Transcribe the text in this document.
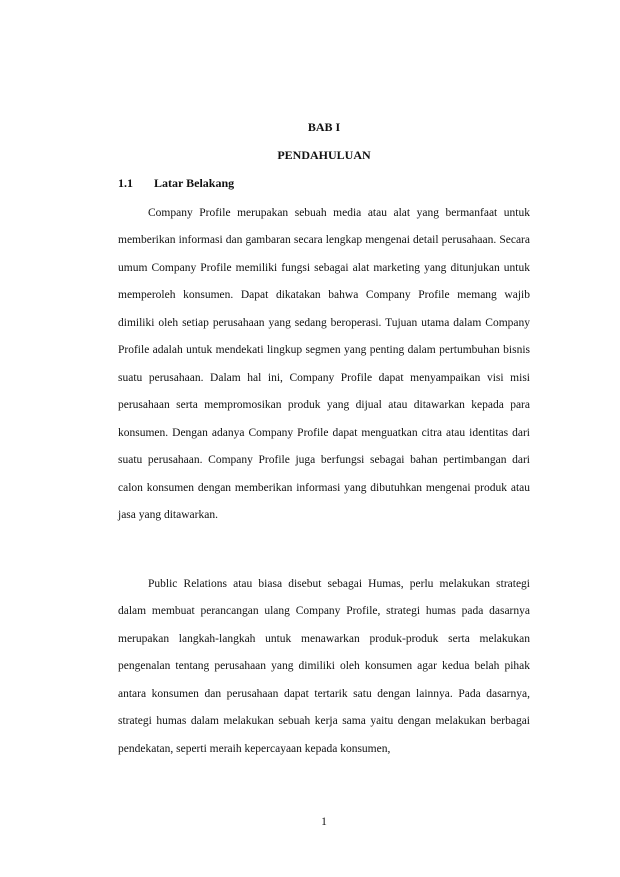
BAB I
PENDAHULUAN
1.1 Latar Belakang

Company Profile merupakan sebuah media atau alat yang bermanfaat untuk memberikan informasi dan gambaran secara lengkap mengenai detail perusahaan. Secara umum Company Profile memiliki fungsi sebagai alat marketing yang ditunjukan untuk memperoleh konsumen. Dapat dikatakan bahwa Company Profile memang wajib dimiliki oleh setiap perusahaan yang sedang beroperasi. Tujuan utama dalam Company Profile adalah untuk mendekati lingkup segmen yang penting dalam pertumbuhan bisnis suatu perusahaan. Dalam hal ini, Company Profile dapat menyampaikan visi misi perusahaan serta mempromosikan produk yang dijual atau ditawarkan kepada para konsumen. Dengan adanya Company Profile dapat menguatkan citra atau identitas dari suatu perusahaan. Company Profile juga berfungsi sebagai bahan pertimbangan dari calon konsumen dengan memberikan informasi yang dibutuhkan mengenai produk atau jasa yang ditawarkan.

Public Relations atau biasa disebut sebagai Humas, perlu melakukan strategi dalam membuat perancangan ulang Company Profile, strategi humas pada dasarnya merupakan langkah-langkah untuk menawarkan produk-produk serta melakukan pengenalan tentang perusahaan yang dimiliki oleh konsumen agar kedua belah pihak antara konsumen dan perusahaan dapat tertarik satu dengan lainnya. Pada dasarnya, strategi humas dalam melakukan sebuah kerja sama yaitu dengan melakukan berbagai pendekatan, seperti meraih kepercayaan kepada konsumen,

1
